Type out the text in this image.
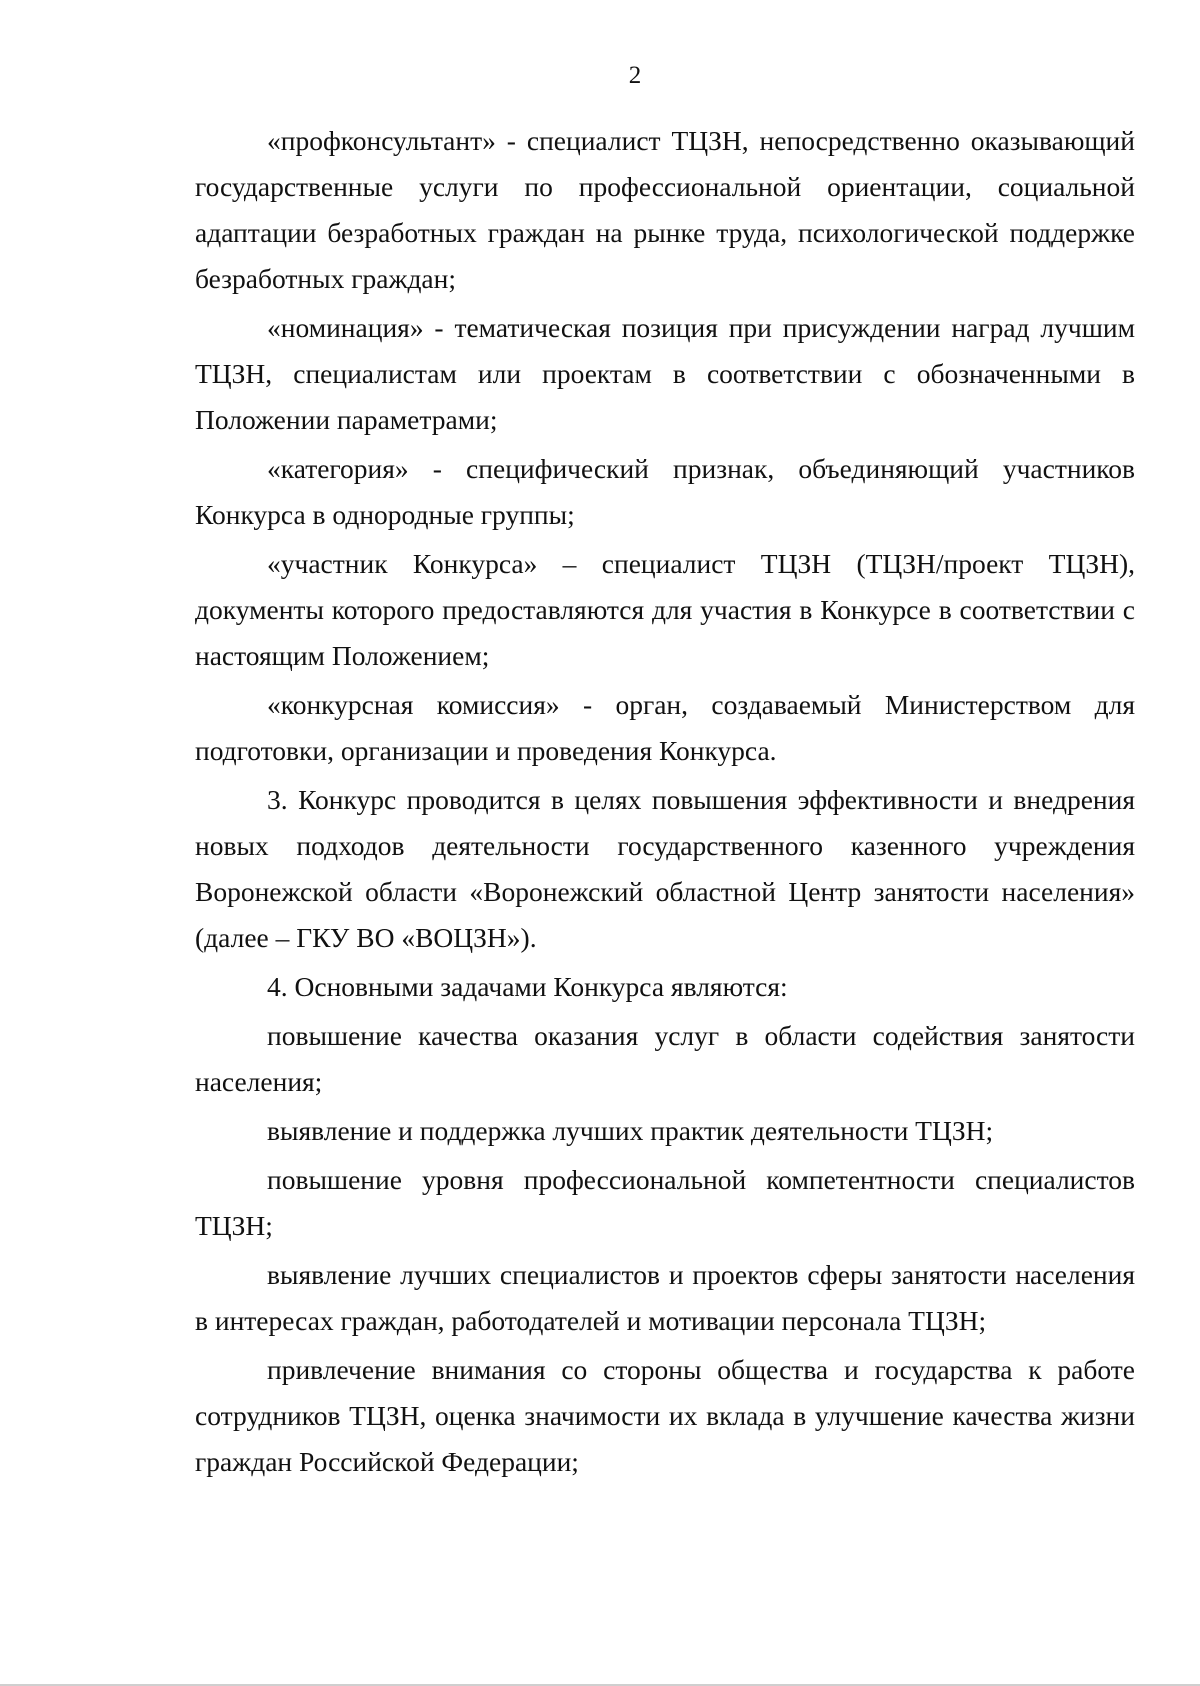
2

«профконсультант» - специалист ТЦЗН, непосредственно оказывающий государственные услуги по профессиональной ориентации, социальной адаптации безработных граждан на рынке труда, психологической поддержке безработных граждан;

«номинация» - тематическая позиция при присуждении наград лучшим ТЦЗН, специалистам или проектам в соответствии с обозначенными в Положении параметрами;

«категория» - специфический признак, объединяющий участников Конкурса в однородные группы;

«участник Конкурса» – специалист ТЦЗН (ТЦЗН/проект ТЦЗН), документы которого предоставляются для участия в Конкурсе в соответствии с настоящим Положением;

«конкурсная комиссия» - орган, создаваемый Министерством для подготовки, организации и проведения Конкурса.

3. Конкурс проводится в целях повышения эффективности и внедрения новых подходов деятельности государственного казенного учреждения Воронежской области «Воронежский областной Центр занятости населения» (далее – ГКУ ВО «ВОЦЗН»).

4. Основными задачами Конкурса являются:

повышение качества оказания услуг в области содействия занятости населения;

выявление и поддержка лучших практик деятельности ТЦЗН;

повышение уровня профессиональной компетентности специалистов ТЦЗН;

выявление лучших специалистов и проектов сферы занятости населения в интересах граждан, работодателей и мотивации персонала ТЦЗН;

привлечение внимания со стороны общества и государства к работе сотрудников ТЦЗН, оценка значимости их вклада в улучшение качества жизни граждан Российской Федерации;
